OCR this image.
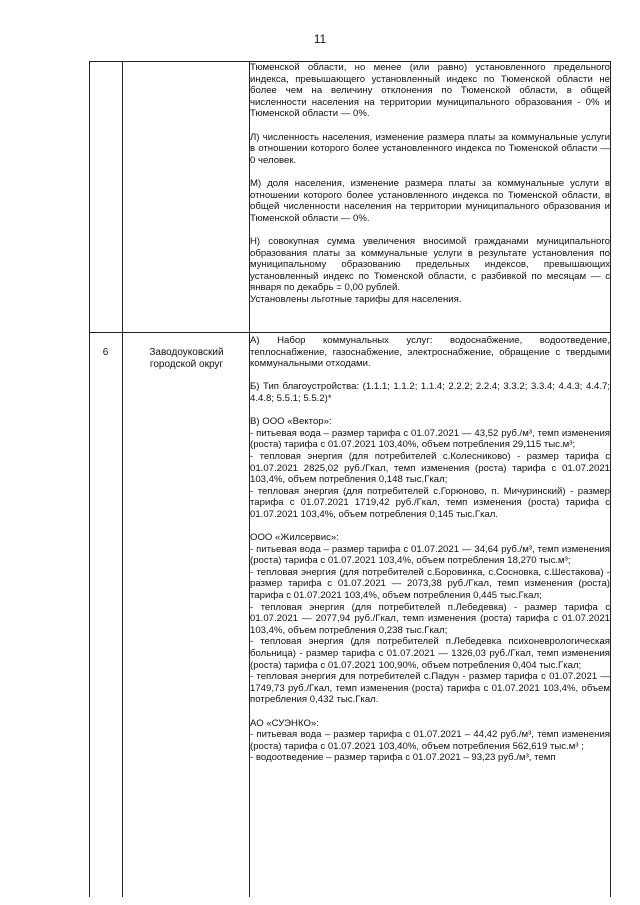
11

Тюменской области, но менее (или равно) установленного предельного индекса, превышающего установленный индекс по Тюменской области не более чем на величину отклонения по Тюменской области, в общей численности населения на территории муниципального образования - 0% и Тюменской области — 0%.

Л) численность населения, изменение размера платы за коммунальные услуги в отношении которого более установленного индекса по Тюменской области — 0 человек.

М) доля населения, изменение размера платы за коммунальные услуги в отношении которого более установленного индекса по Тюменской области, в общей численности населения на территории муниципального образования и Тюменской области — 0%.

Н) совокупная сумма увеличения вносимой гражданами муниципального образования платы за коммунальные услуги в результате установления по муниципальному образованию предельных индексов, превышающих установленный индекс по Тюменской области, с разбивкой по месяцам — с января по декабрь = 0,00 рублей.

Установлены льготные тарифы для населения.

6	Заводоуковский городской округ

А) Набор коммунальных услуг: водоснабжение, водоотведение, теплоснабжение, газоснабжение, электроснабжение, обращение с твердыми коммунальными отходами.

Б) Тип благоустройства: (1.1.1; 1.1.2; 1.1.4; 2.2.2; 2.2.4; 3.3.2; 3.3.4; 4.4.3; 4.4.7; 4.4.8; 5.5.1; 5.5.2)*

В) ООО «Вектор»:

- питьевая вода – размер тарифа с 01.07.2021 — 43,52 руб./м³, темп изменения (роста) тарифа с 01.07.2021 103,40%, объем потребления 29,115 тыс.м³;

- тепловая энергия (для потребителей с.Колесниково) - размер тарифа с 01.07.2021 2825,02 руб./Гкал, темп изменения (роста) тарифа с 01.07.2021 103,4%, объем потребления 0,148 тыс.Гкал;

- тепловая энергия (для потребителей с.Горюново, п. Мичуринский) - размер тарифа с 01.07.2021 1719,42 руб./Гкал, темп изменения (роста) тарифа с 01.07.2021 103,4%, объем потребления 0,145 тыс.Гкал.

ООО «Жилсервис»:

- питьевая вода – размер тарифа с 01.07.2021 — 34,64 руб./м³, темп изменения (роста) тарифа с 01.07.2021 103,4%, объем потребления 18,270 тыс.м³;

- тепловая энергия (для потребителей с.Боровинка, с.Сосновка, с.Шестакова) - размер тарифа с 01.07.2021 — 2073,38 руб./Гкал, темп изменения (роста) тарифа с 01.07.2021 103,4%, объем потребления 0,445 тыс.Гкал;

- тепловая энергия (для потребителей п.Лебедевка) - размер тарифа с 01.07.2021 — 2077,94 руб./Гкал, темп изменения (роста) тарифа с 01.07.2021 103,4%, объем потребления 0,238 тыс.Гкал;

- тепловая энергия (для потребителей п.Лебедевка психоневрологическая больница) - размер тарифа с 01.07.2021 — 1326,03 руб./Гкал, темп изменения (роста) тарифа с 01.07.2021 100,90%, объем потребления 0,404 тыс.Гкал;

- тепловая энергия для потребителей с.Падун - размер тарифа с 01.07.2021 — 1749,73 руб./Гкал, темп изменения (роста) тарифа с 01.07.2021 103,4%, объем потребления 0,432 тыс.Гкал.

АО «СУЭНКО»:

- питьевая вода – размер тарифа с 01.07.2021 – 44,42 руб./м³, темп изменения (роста) тарифа с 01.07.2021 103,40%, объем потребления 562,619 тыс.м³ ;

- водоотведение – размер тарифа с 01.07.2021 – 93,23 руб./м³, темп
